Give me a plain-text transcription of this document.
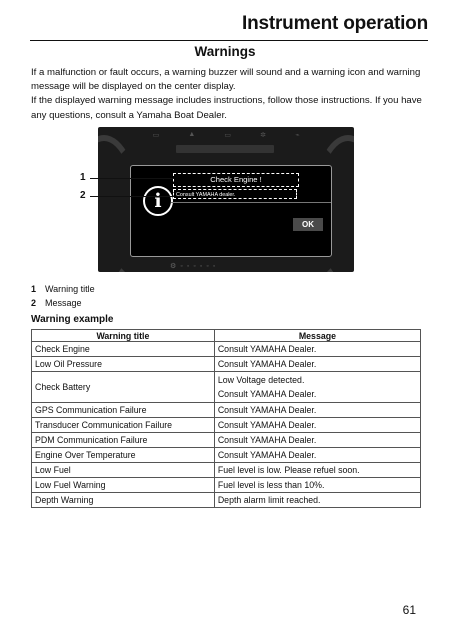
Instrument operation
Warnings

If a malfunction or fault occurs, a warning buzzer will sound and a warning icon and warning message will be displayed on the center display.

If the displayed warning message includes instructions, follow those instructions. If you have any questions, consult a Yamaha Boat Dealer.

▭	▲	▭	✲	⌁
⚙◦◦◦◦◦◦
i
Check Engine !
Consult YAMAHA dealer.
OK
1
2
1 Warning title
2 Message
Warning example
Warning title	Message
Check Engine	Consult YAMAHA Dealer.

Low Oil Pressure	Consult YAMAHA Dealer.

Check Battery	Low Voltage detected.
Consult YAMAHA Dealer.

GPS Communication Failure	Consult YAMAHA Dealer.

Transducer Communication Failure	Consult YAMAHA Dealer.

PDM Communication Failure	Consult YAMAHA Dealer.

Engine Over Temperature	Consult YAMAHA Dealer.

Low Fuel	Fuel level is low. Please refuel soon.

Low Fuel Warning	Fuel level is less than 10%.

Depth Warning	Depth alarm limit reached.
61
